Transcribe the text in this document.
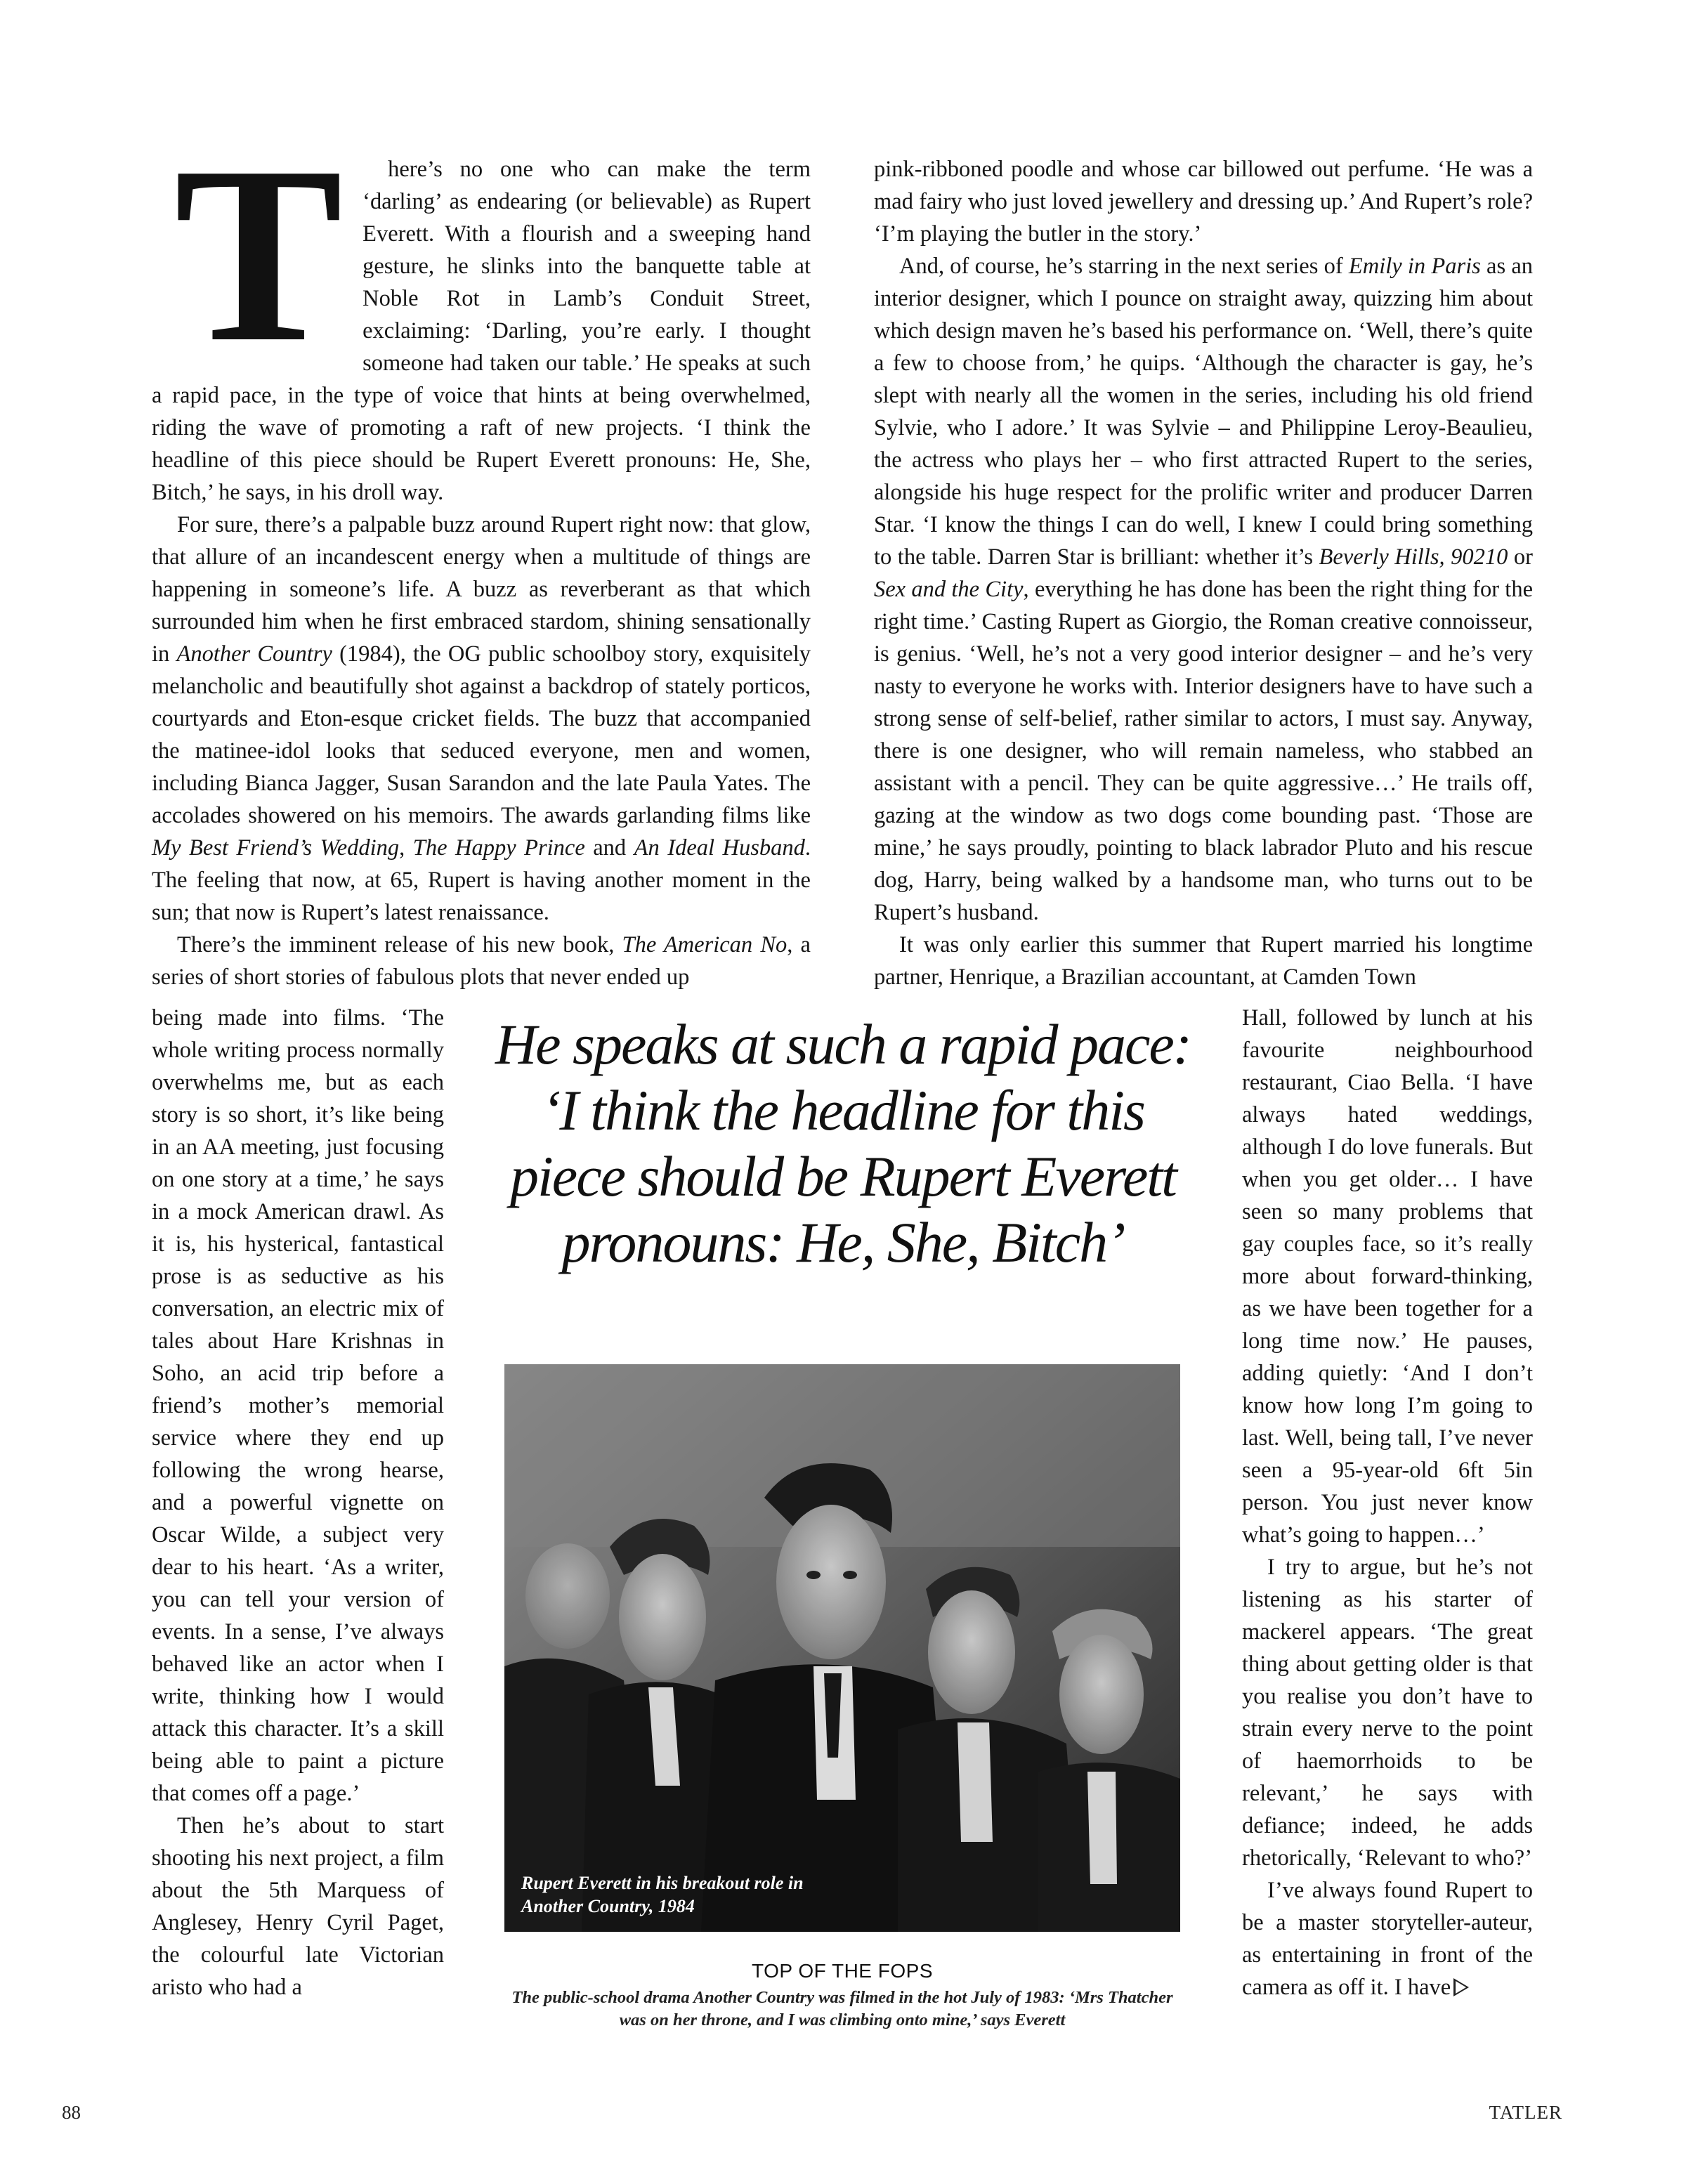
T here’s no one who can make the term ‘darling’ as endearing (or believable) as Rupert Everett. With a flourish and a sweeping hand gesture, he slinks into the banquette table at Noble Rot in Lamb’s Conduit Street, exclaiming: ‘Darling, you’re early. I thought someone had taken our table.’ He speaks at such a rapid pace, in the type of voice that hints at being overwhelmed, riding the wave of promoting a raft of new projects. ‘I think the headline of this piece should be Rupert Everett pronouns: He, She, Bitch,’ he says, in his droll way.

For sure, there’s a palpable buzz around Rupert right now: that glow, that allure of an incandescent energy when a multitude of things are happening in someone’s life. A buzz as reverberant as that which surrounded him when he first embraced stardom, shining sensationally in Another Country (1984), the OG public schoolboy story, exquisitely melancholic and beautifully shot against a backdrop of stately porticos, courtyards and Eton-esque cricket fields. The buzz that accompanied the matinee-idol looks that seduced everyone, men and women, including Bianca Jagger, Susan Sarandon and the late Paula Yates. The accolades showered on his memoirs. The awards garlanding films like My Best Friend’s Wedding, The Happy Prince and An Ideal Husband. The feeling that now, at 65, Rupert is having another moment in the sun; that now is Rupert’s latest renaissance.

There’s the imminent release of his new book, The American No, a series of short stories of fabulous plots that never ended up

being made into films. ‘The whole writing process normally overwhelms me, but as each story is so short, it’s like being in an AA meeting, just focusing on one story at a time,’ he says in a mock American drawl. As it is, his hysterical, fantastical prose is as seductive as his conversation, an electric mix of tales about Hare Krishnas in Soho, an acid trip before a friend’s mother’s memorial service where they end up following the wrong hearse, and a powerful vignette on Oscar Wilde, a subject very dear to his heart. ‘As a writer, you can tell your version of events. In a sense, I’ve always behaved like an actor when I write, thinking how I would attack this character. It’s a skill being able to paint a picture that comes off a page.’

Then he’s about to start shooting his next project, a film about the 5th Marquess of Anglesey, Henry Cyril Paget, the colourful late Victorian aristo who had a

pink-ribboned poodle and whose car billowed out perfume. ‘He was a mad fairy who just loved jewellery and dressing up.’ And Rupert’s role? ‘I’m playing the butler in the story.’

And, of course, he’s starring in the next series of Emily in Paris as an interior designer, which I pounce on straight away, quizzing him about which design maven he’s based his performance on. ‘Well, there’s quite a few to choose from,’ he quips. ‘Although the character is gay, he’s slept with nearly all the women in the series, including his old friend Sylvie, who I adore.’ It was Sylvie – and Philippine Leroy-Beaulieu, the actress who plays her – who first attracted Rupert to the series, alongside his huge respect for the prolific writer and producer Darren Star. ‘I know the things I can do well, I knew I could bring something to the table. Darren Star is brilliant: whether it’s Beverly Hills, 90210 or Sex and the City, everything he has done has been the right thing for the right time.’ Casting Rupert as Giorgio, the Roman creative connoisseur, is genius. ‘Well, he’s not a very good interior designer – and he’s very nasty to everyone he works with. Interior designers have to have such a strong sense of self-belief, rather similar to actors, I must say. Anyway, there is one designer, who will remain nameless, who stabbed an assistant with a pencil. They can be quite aggressive…’ He trails off, gazing at the window as two dogs come bounding past. ‘Those are mine,’ he says proudly, pointing to black labrador Pluto and his rescue dog, Harry, being walked by a handsome man, who turns out to be Rupert’s husband.

It was only earlier this summer that Rupert married his longtime partner, Henrique, a Brazilian accountant, at Camden Town

Hall, followed by lunch at his favourite neighbourhood restaurant, Ciao Bella. ‘I have always hated weddings, although I do love funerals. But when you get older… I have seen so many problems that gay couples face, so it’s really more about forward-thinking, as we have been together for a long time now.’ He pauses, adding quietly: ‘And I don’t know how long I’m going to last. Well, being tall, I’ve never seen a 95-year-old 6ft 5in person. You just never know what’s going to happen…’

I try to argue, but he’s not listening as his starter of mackerel appears. ‘The great thing about getting older is that you realise you don’t have to strain every nerve to the point of haemorrhoids to be relevant,’ he says with defiance; indeed, he adds rhetorically, ‘Relevant to who?’

I’ve always found Rupert to be a master storyteller-auteur, as entertaining in front of the camera as off it. I have

He speaks at such a rapid pace: ‘I think the headline for this piece should be Rupert Everett pronouns: He, She, Bitch’
Rupert Everett in his breakout role in Another Country, 1984
TOP OF THE FOPS
The public-school drama Another Country was filmed in the hot July of 1983: ‘Mrs Thatcher was on her throne, and I was climbing onto mine,’ says Everett
88	TATLER
